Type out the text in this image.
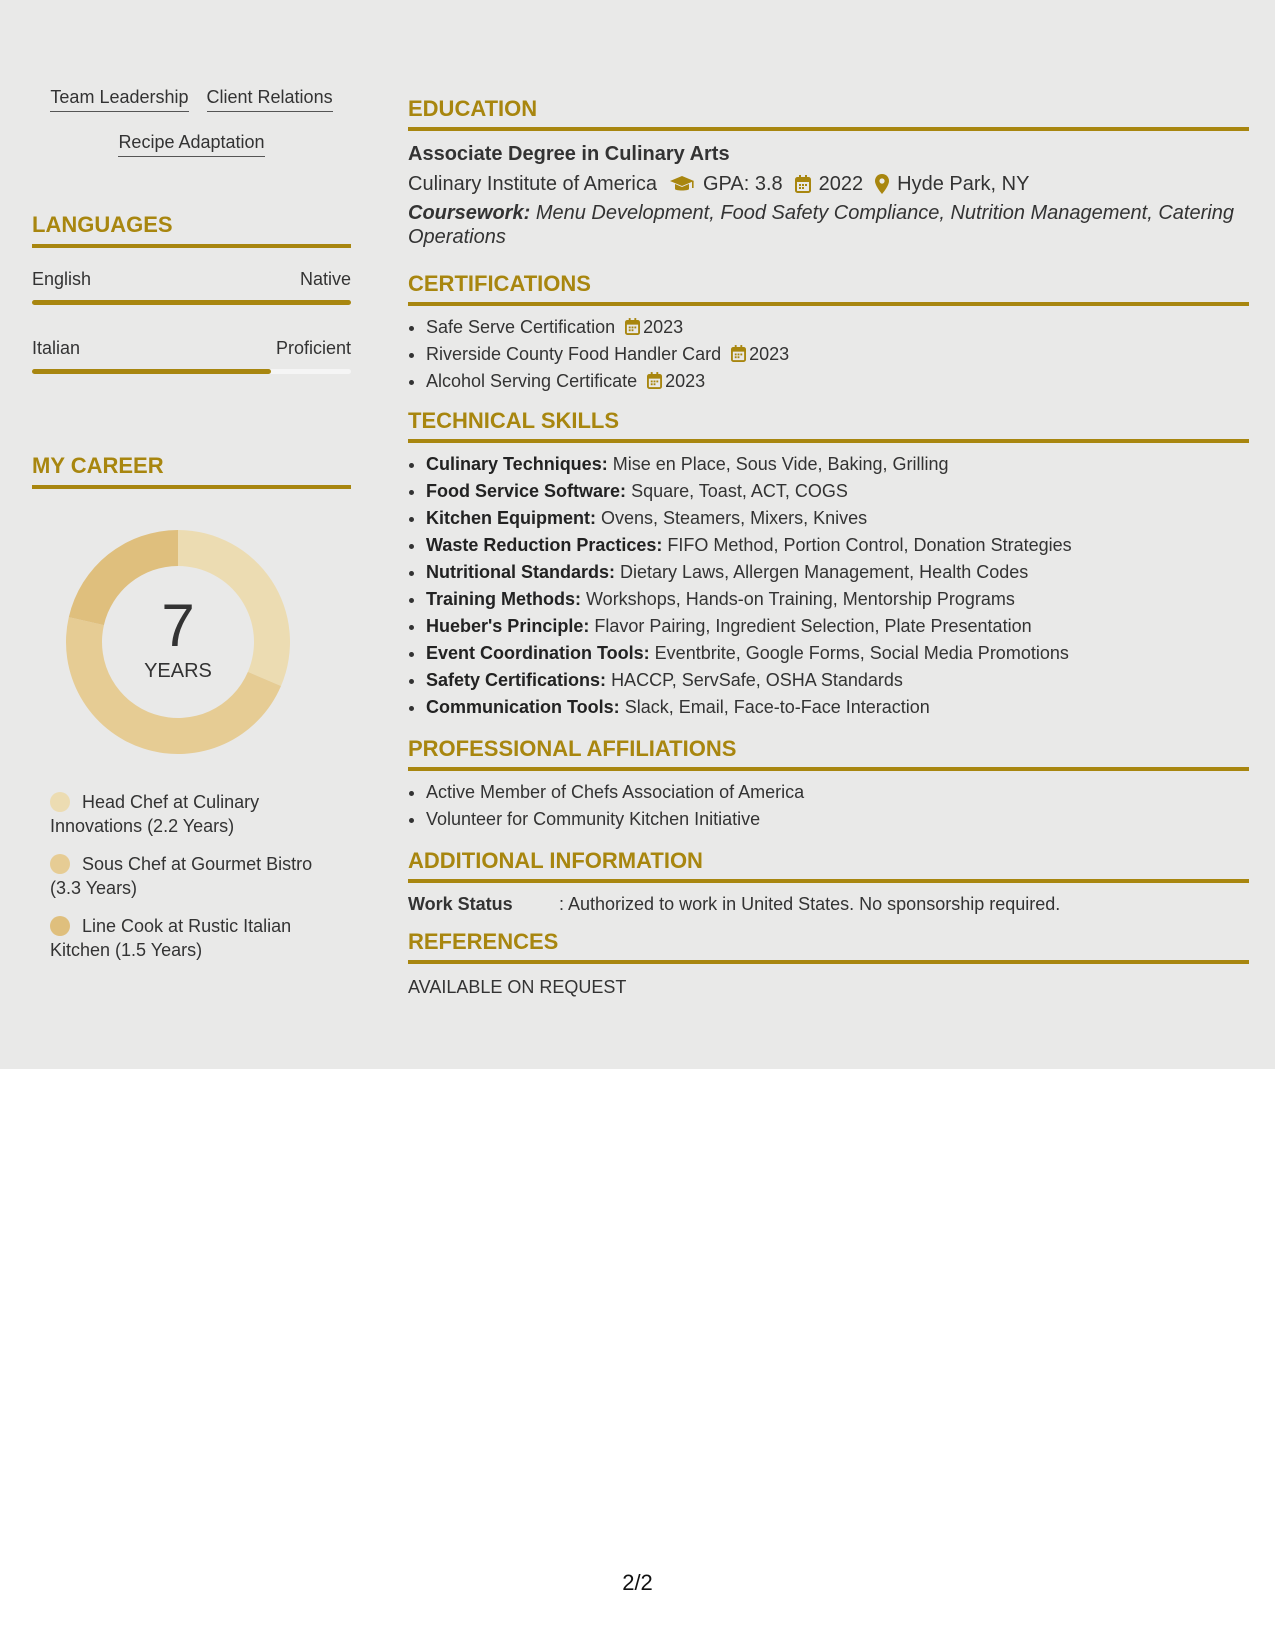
Team Leadership Client Relations
Recipe Adaptation
LANGUAGES
English	Native
Italian	Proficient
MY CAREER
7
YEARS
Head Chef at Culinary Innovations (2.2 Years)
Sous Chef at Gourmet Bistro (3.3 Years)
Line Cook at Rustic Italian Kitchen (1.5 Years)
EDUCATION
Associate Degree in Culinary Arts
Culinary Institute of America GPA: 3.8 2022 Hyde Park, NY
Coursework: Menu Development, Food Safety Compliance, Nutrition Management, Catering Operations
CERTIFICATIONS
• Safe Serve Certification 2023
• Riverside County Food Handler Card 2023
• Alcohol Serving Certificate 2023
TECHNICAL SKILLS
• Culinary Techniques: Mise en Place, Sous Vide, Baking, Grilling
• Food Service Software: Square, Toast, ACT, COGS
• Kitchen Equipment: Ovens, Steamers, Mixers, Knives
• Waste Reduction Practices: FIFO Method, Portion Control, Donation Strategies
• Nutritional Standards: Dietary Laws, Allergen Management, Health Codes
• Training Methods: Workshops, Hands-on Training, Mentorship Programs
• Hueber's Principle: Flavor Pairing, Ingredient Selection, Plate Presentation
• Event Coordination Tools: Eventbrite, Google Forms, Social Media Promotions
• Safety Certifications: HACCP, ServSafe, OSHA Standards
• Communication Tools: Slack, Email, Face-to-Face Interaction
PROFESSIONAL AFFILIATIONS
• Active Member of Chefs Association of America
• Volunteer for Community Kitchen Initiative
ADDITIONAL INFORMATION
Work Status	: Authorized to work in United States. No sponsorship required.
REFERENCES
AVAILABLE ON REQUEST
2/2
